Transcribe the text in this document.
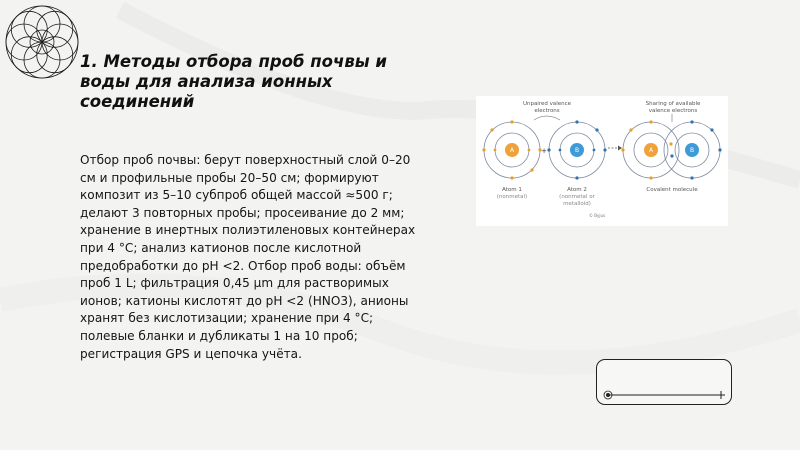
1. Методы отбора проб почвы и воды для анализа ионных соединений

Отбор проб почвы: берут поверхностный слой 0–20 см и профильные пробы 20–50 см; формируют композит из 5–10 субпроб общей массой ≈500 г; делают 3 повторных пробы; просеивание до 2 мм; хранение в инертных полиэтиленовых контейнерах при 4 °C; анализ катионов после кислотной предобработки до pH <2. Отбор проб воды: объём проб 1 L; фильтрация 0,45 µm для растворимых ионов; катионы кислотят до pH <2 (HNO3), анионы хранят без кислотизации; хранение при 4 °C; полевые бланки и дубликаты 1 на 10 проб; регистрация GPS и цепочка учёта.

A	B	A	B
+
Unpaired valence electrons
Sharing of available valence electrons
Atom 1
(nonmetal)
Atom 2
(nonmetal or metalloid)
Covalent molecule
© Byjus
